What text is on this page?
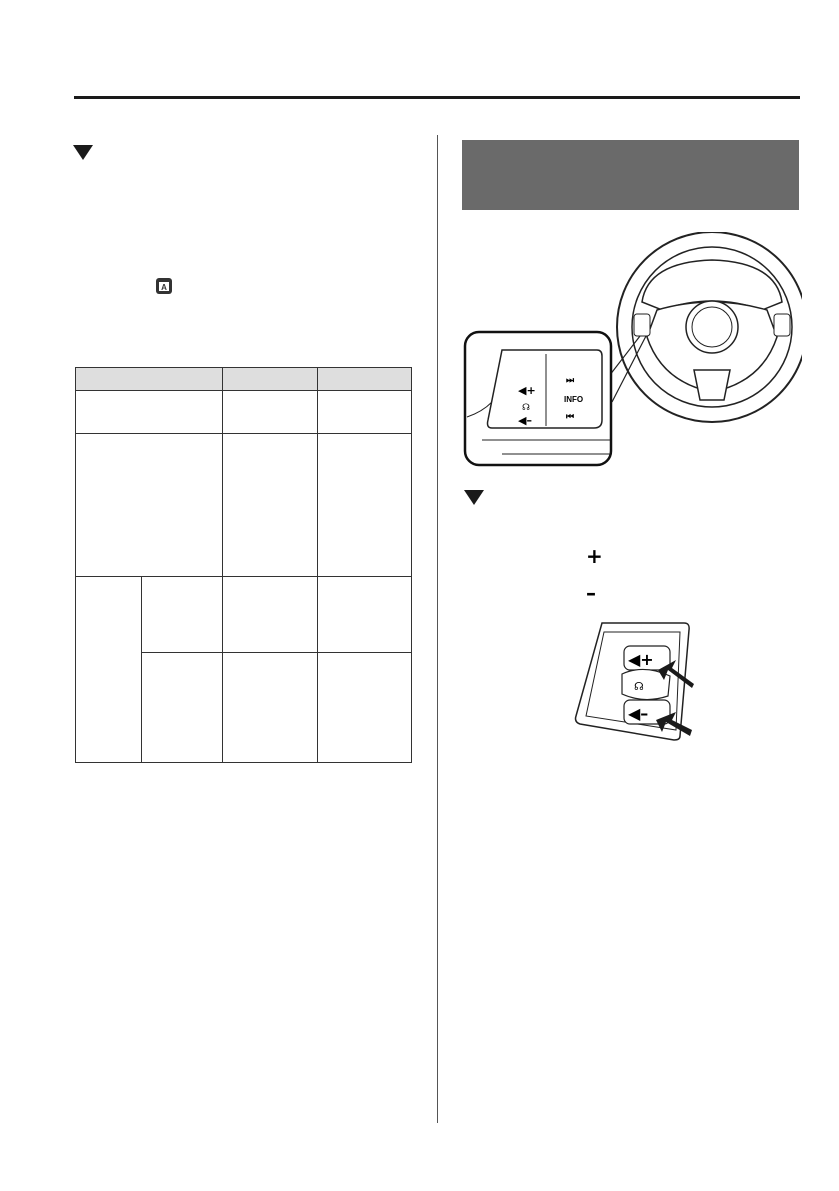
A

◀+
☊
◀–
⏭
INFO
⏮
+
–
◀+
☊
◀–
